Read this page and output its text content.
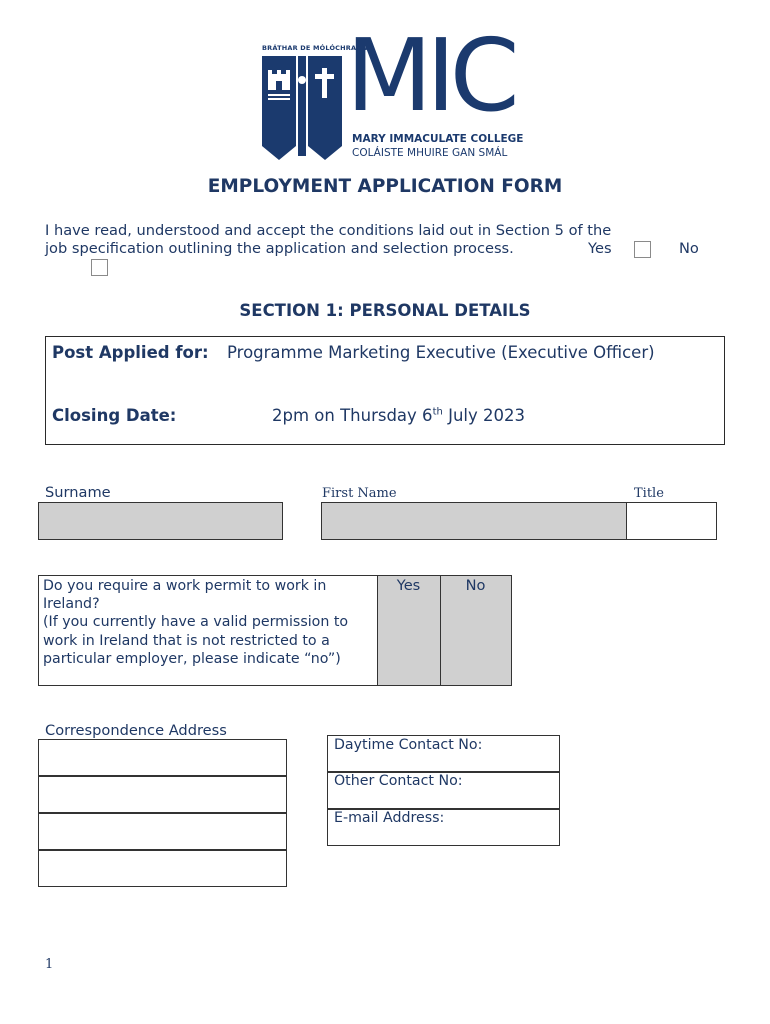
BRÁTHAR DE MÓLÓCHRANN
MIC
MARY IMMACULATE COLLEGE
COLÁISTE MHUIRE GAN SMÁL
EMPLOYMENT APPLICATION FORM
I have read, understood and accept the conditions laid out in Section 5 of the
job specification outlining the application and selection process.	Yes	No
SECTION 1: PERSONAL DETAILS
Post Applied for: Programme Marketing Executive (Executive Officer)
Closing Date:	2pm on Thursday 6th July 2023
Surname	First Name	Title
Do you require a work permit to work in Ireland?
(If you currently have a valid permission to work in Ireland that is not restricted to a particular employer, please indicate “no”)
Yes	No
Correspondence Address
Daytime Contact No:
Other Contact No:
E-mail Address:
1
